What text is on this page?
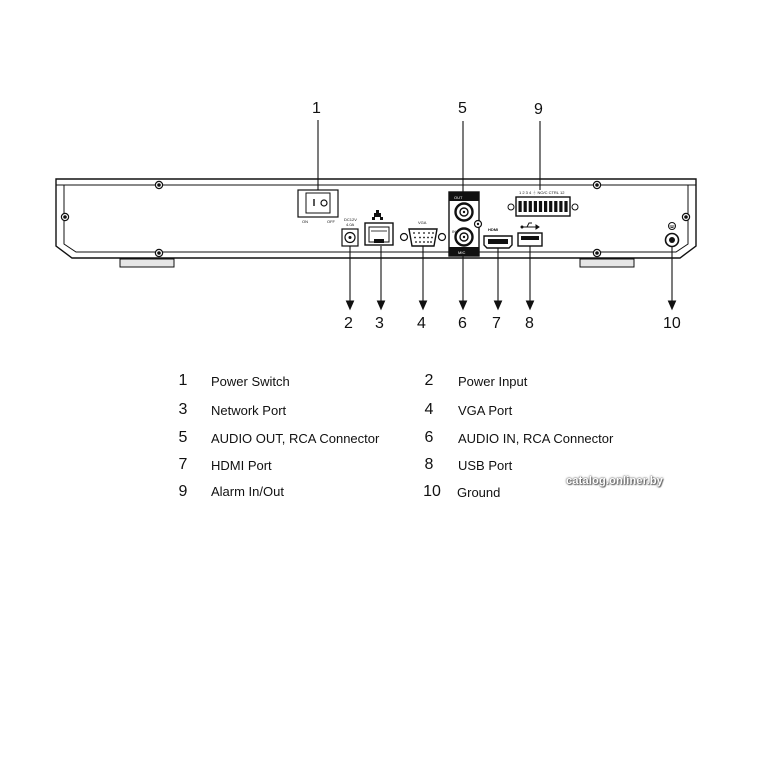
ON	OFF DC12V
4.0A	VGA
OUT
IN
MIC
HDMI
1 2 3 4 ⏚ NO/C CTRL 12
1
2 3 4
5
6 7 8
9
10
1	Power Switch	2	Power Input
3	Network Port	4	VGA Port
5	AUDIO OUT, RCA Connector	6	AUDIO IN, RCA Connector
7	HDMI Port	8	USB Port
9	Alarm In/Out	10 Ground
catalog.onliner.by
